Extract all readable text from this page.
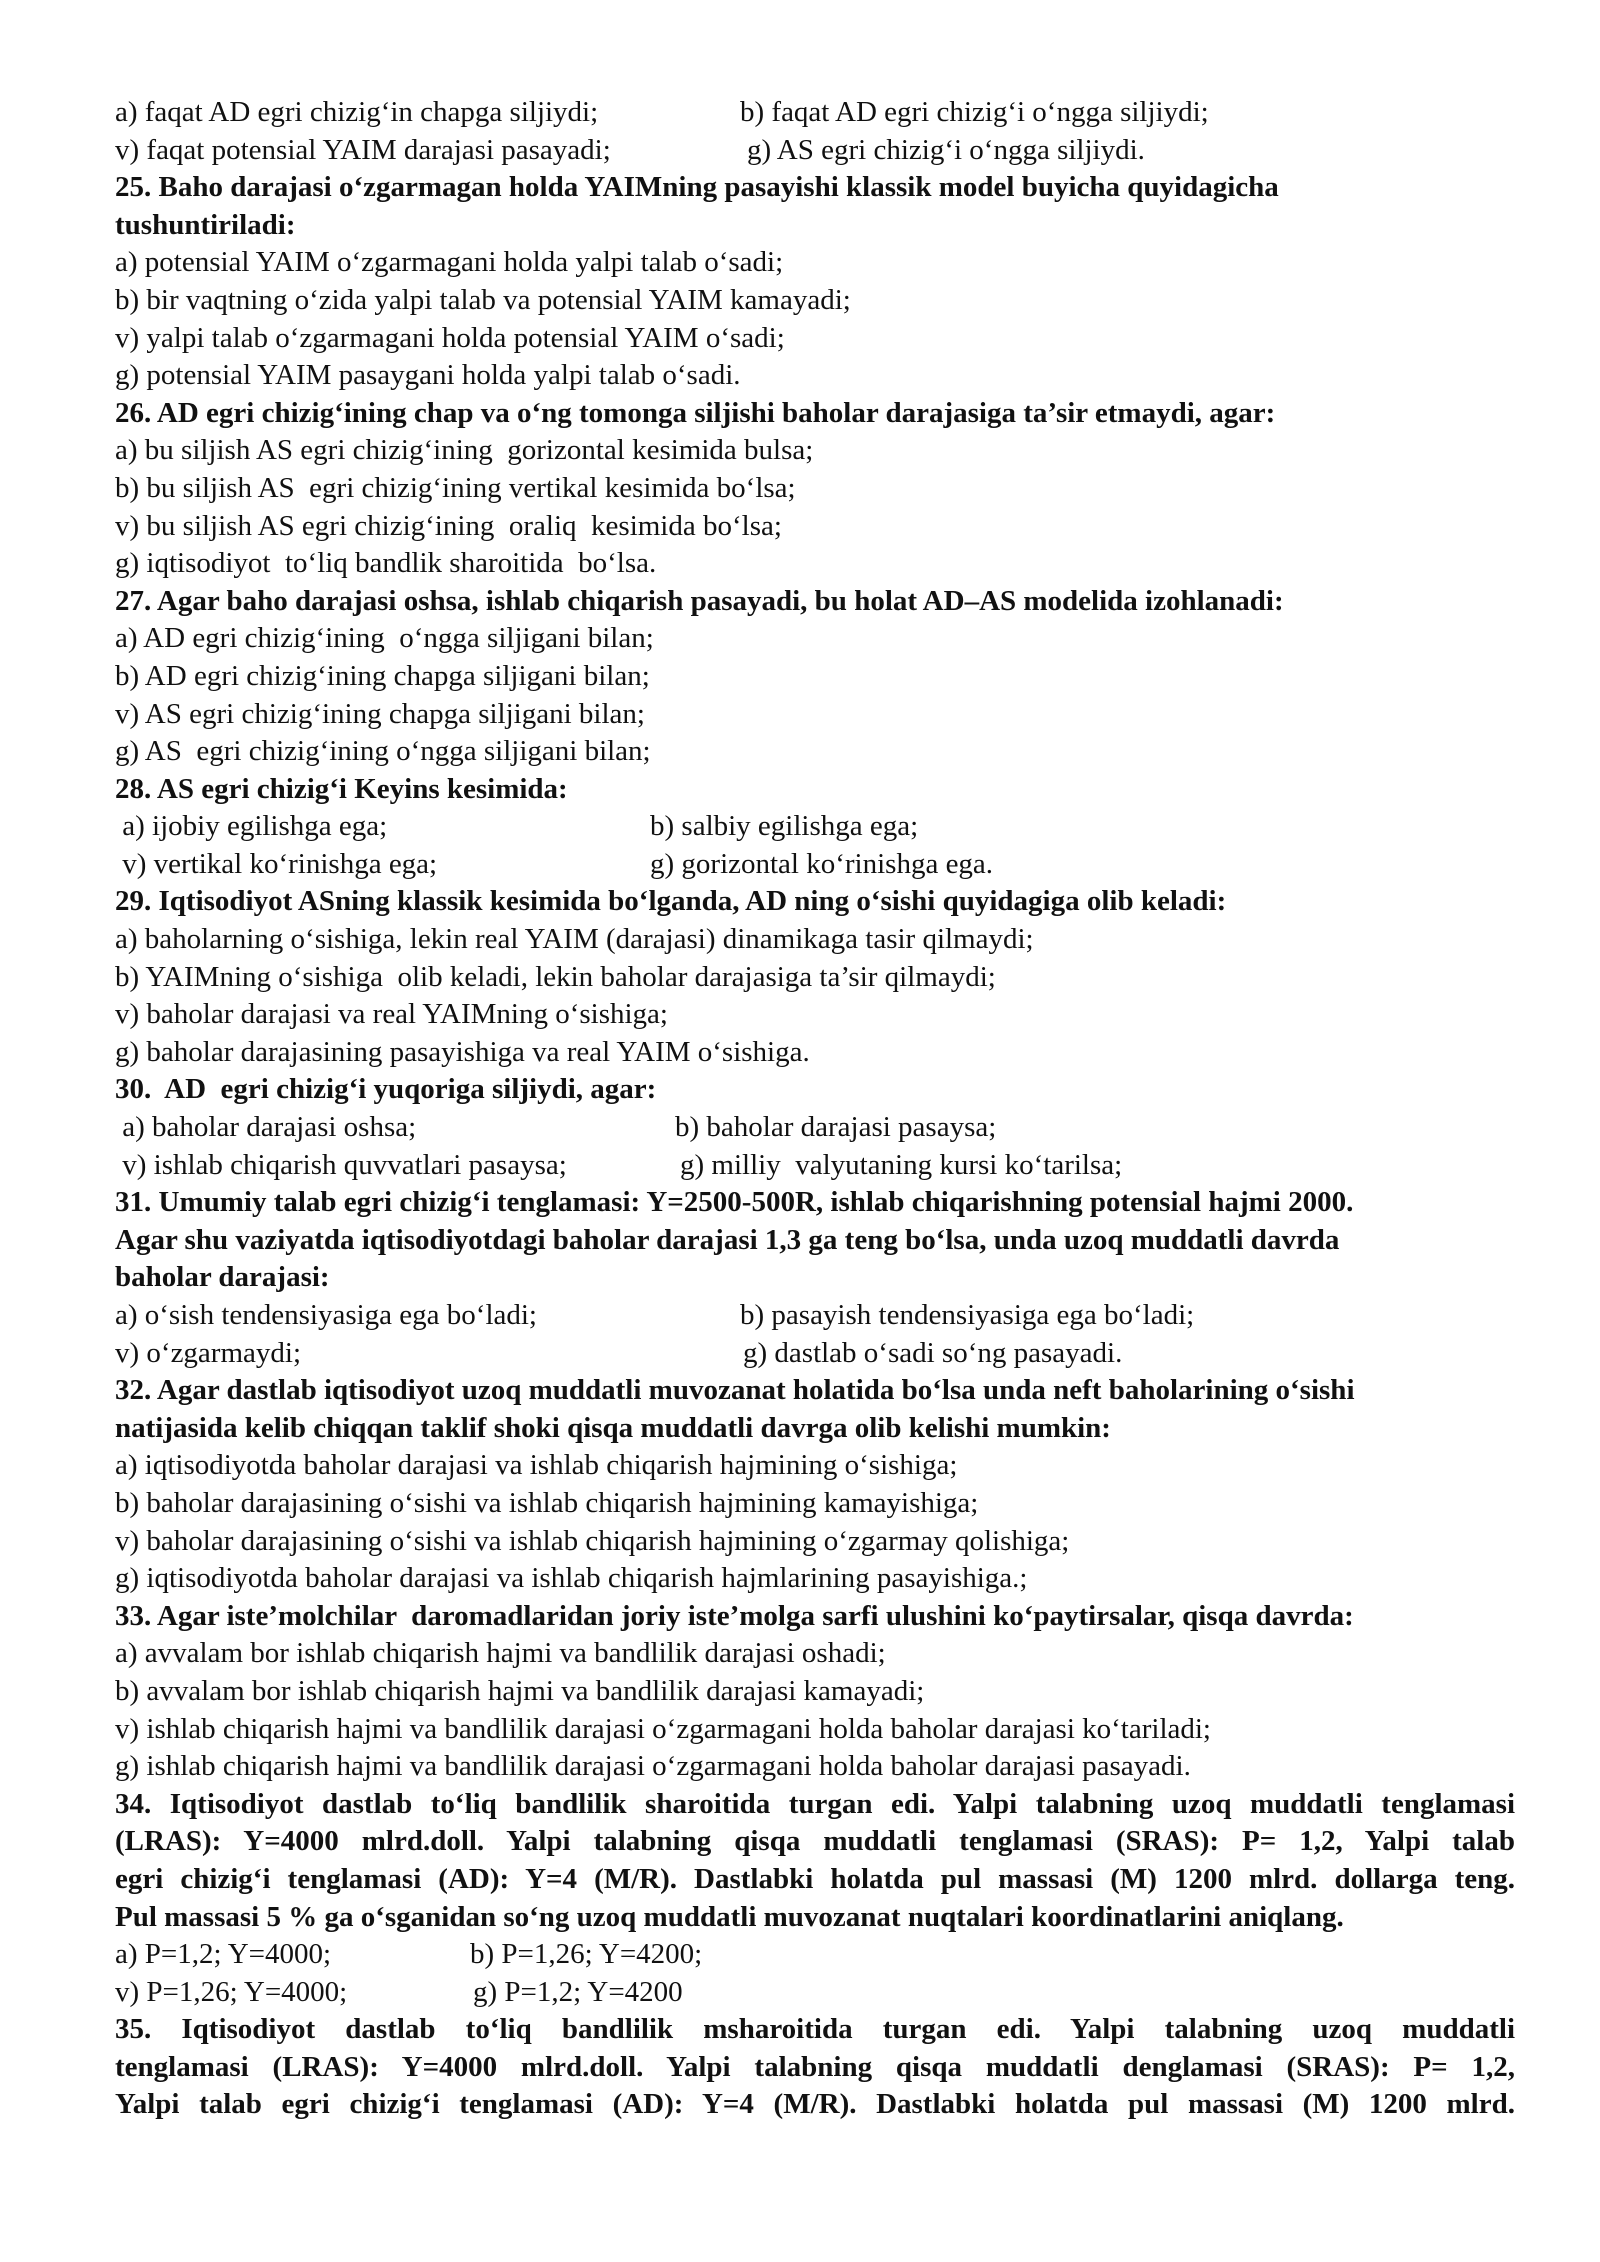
a) faqat AD egri chizig‘in chapga siljiydi;	b) faqat AD egri chizig‘i o‘ngga siljiydi;
v) faqat potensial YAIM darajasi pasayadi;	g) AS egri chizig‘i o‘ngga siljiydi.
25. Baho darajasi o‘zgarmagan holda YAIMning pasayishi klassik model buyicha quyidagicha
tushuntiriladi:
a) potensial YAIM o‘zgarmagani holda yalpi talab o‘sadi;
b) bir vaqtning o‘zida yalpi talab va potensial YAIM kamayadi;
v) yalpi talab o‘zgarmagani holda potensial YAIM o‘sadi;
g) potensial YAIM pasaygani holda yalpi talab o‘sadi.
26. AD egri chizig‘ining chap va o‘ng tomonga siljishi baholar darajasiga ta’sir etmaydi, agar:
a) bu siljish AS egri chizig‘ining  gorizontal kesimida bulsa;
b) bu siljish AS  egri chizig‘ining vertikal kesimida bo‘lsa;
v) bu siljish AS egri chizig‘ining  oraliq  kesimida bo‘lsa;
g) iqtisodiyot  to‘liq bandlik sharoitida  bo‘lsa.
27. Agar baho darajasi oshsa, ishlab chiqarish pasayadi, bu holat AD–AS modelida izohlanadi:
a) AD egri chizig‘ining  o‘ngga siljigani bilan;
b) AD egri chizig‘ining chapga siljigani bilan;
v) AS egri chizig‘ining chapga siljigani bilan;
g) AS  egri chizig‘ining o‘ngga siljigani bilan;
28. AS egri chizig‘i Keyins kesimida:
a) ijobiy egilishga ega;	b) salbiy egilishga ega;
v) vertikal ko‘rinishga ega;	g) gorizontal ko‘rinishga ega.
29. Iqtisodiyot ASning klassik kesimida bo‘lganda, AD ning o‘sishi quyidagiga olib keladi:
a) baholarning o‘sishiga, lekin real YAIM (darajasi) dinamikaga tasir qilmaydi;
b) YAIMning o‘sishiga  olib keladi, lekin baholar darajasiga ta’sir qilmaydi;
v) baholar darajasi va real YAIMning o‘sishiga;
g) baholar darajasining pasayishiga va real YAIM o‘sishiga.
30.  AD  egri chizig‘i yuqoriga siljiydi, agar:
a) baholar darajasi oshsa;	b) baholar darajasi pasaysa;
v) ishlab chiqarish quvvatlari pasaysa;	g) milliy  valyutaning kursi ko‘tarilsa;
31. Umumiy talab egri chizig‘i tenglamasi: Y=2500-500R, ishlab chiqarishning potensial hajmi 2000.
Agar shu vaziyatda iqtisodiyotdagi baholar darajasi 1,3 ga teng bo‘lsa, unda uzoq muddatli davrda
baholar darajasi:
a) o‘sish tendensiyasiga ega bo‘ladi;	b) pasayish tendensiyasiga ega bo‘ladi;
v) o‘zgarmaydi;	g) dastlab o‘sadi so‘ng pasayadi.
32. Agar dastlab iqtisodiyot uzoq muddatli muvozanat holatida bo‘lsa unda neft baholarining o‘sishi
natijasida kelib chiqqan taklif shoki qisqa muddatli davrga olib kelishi mumkin:
a) iqtisodiyotda baholar darajasi va ishlab chiqarish hajmining o‘sishiga;
b) baholar darajasining o‘sishi va ishlab chiqarish hajmining kamayishiga;
v) baholar darajasining o‘sishi va ishlab chiqarish hajmining o‘zgarmay qolishiga;
g) iqtisodiyotda baholar darajasi va ishlab chiqarish hajmlarining pasayishiga.;
33. Agar iste’molchilar  daromadlaridan joriy iste’molga sarfi ulushini ko‘paytirsalar, qisqa davrda:
a) avvalam bor ishlab chiqarish hajmi va bandlilik darajasi oshadi;
b) avvalam bor ishlab chiqarish hajmi va bandlilik darajasi kamayadi;
v) ishlab chiqarish hajmi va bandlilik darajasi o‘zgarmagani holda baholar darajasi ko‘tariladi;
g) ishlab chiqarish hajmi va bandlilik darajasi o‘zgarmagani holda baholar darajasi pasayadi.
34. Iqtisodiyot dastlab to‘liq bandlilik sharoitida turgan edi. Yalpi talabning uzoq muddatli tenglamasi
(LRAS): Y=4000 mlrd.doll. Yalpi talabning qisqa muddatli tenglamasi (SRAS): P= 1,2, Yalpi talab
egri chizig‘i tenglamasi (AD): Y=4 (M/R). Dastlabki holatda pul massasi (M) 1200 mlrd. dollarga teng.
Pul massasi 5 % ga o‘sganidan so‘ng uzoq muddatli muvozanat nuqtalari koordinatlarini aniqlang.
a) P=1,2; Y=4000;	b) P=1,26; Y=4200;
v) P=1,26; Y=4000;	g) P=1,2; Y=4200
35. Iqtisodiyot dastlab to‘liq bandlilik msharoitida turgan edi. Yalpi talabning uzoq muddatli
tenglamasi (LRAS): Y=4000 mlrd.doll. Yalpi talabning qisqa muddatli denglamasi (SRAS): P= 1,2,
Yalpi talab egri chizig‘i tenglamasi (AD): Y=4 (M/R). Dastlabki holatda pul massasi (M) 1200 mlrd.
